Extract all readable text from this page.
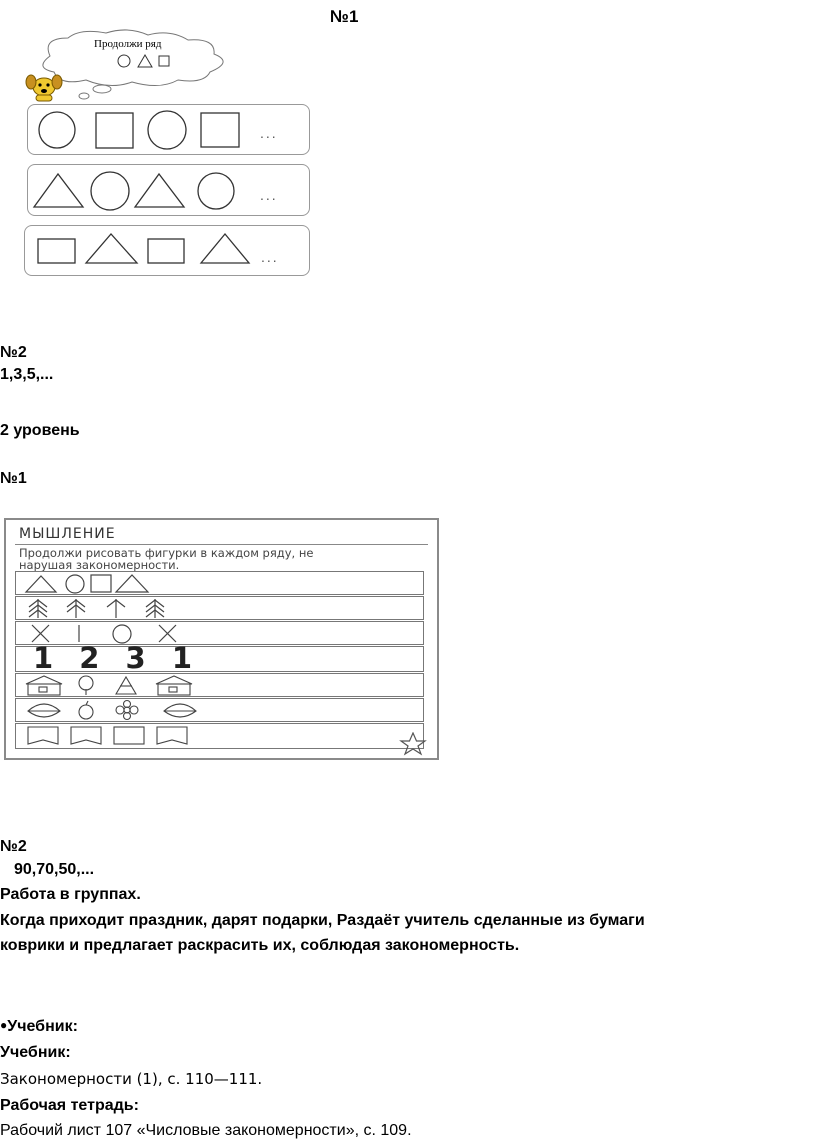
№1
Продолжи ряд
...
...
...
№2
1,3,5,...
2 уровень
№1
МЫШЛЕНИЕ
Продолжи рисовать фигурки в каждом ряду, не
нарушая закономерности.
1 2 3 1
№2
90,70,50,...
Работа в группах.
Когда приходит праздник, дарят подарки, Раздаёт учитель сделанные из бумаги
коврики и предлагает раскрасить их, соблюдая закономерность.
●Учебник:
Учебник:
Закономерности (1), с. 110—111.
Рабочая тетрадь:
Рабочий лист 107 «Числовые закономерности», с. 109.
